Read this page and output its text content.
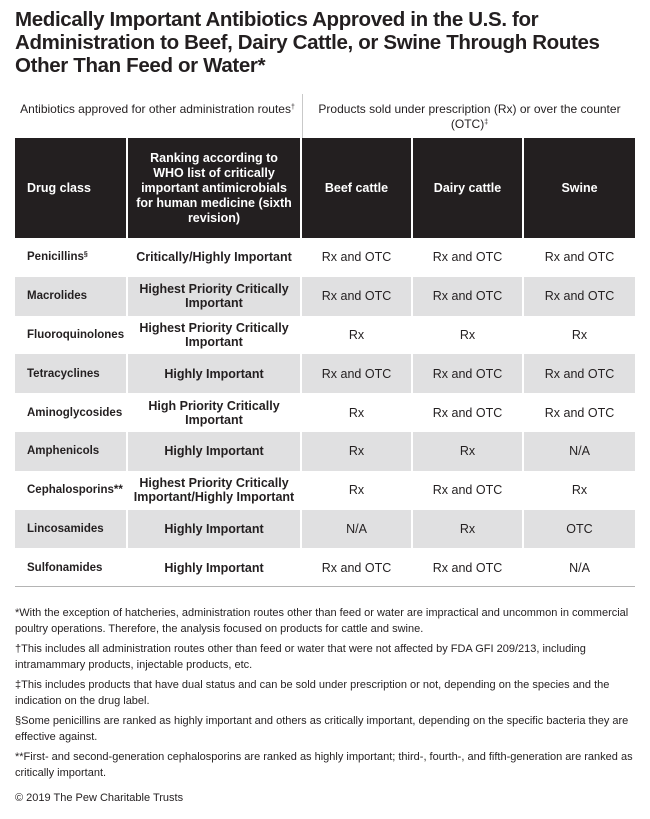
Medically Important Antibiotics Approved in the U.S. for Administration to Beef, Dairy Cattle, or Swine Through Routes Other Than Feed or Water*
Antibiotics approved for other administration routes†	Products sold under prescription (Rx) or over the counter (OTC)‡
Drug class	Ranking according to WHO list of critically important antimicrobials for human medicine (sixth revision)	Beef cattle	Dairy cattle	Swine
Penicillins§	Critically/Highly Important	Rx and OTC	Rx and OTC	Rx and OTC
Macrolides	Highest Priority Critically Important	Rx and OTC	Rx and OTC	Rx and OTC
Fluoroquinolones	Highest Priority Critically Important	Rx	Rx	Rx
Tetracyclines	Highly Important	Rx and OTC	Rx and OTC	Rx and OTC
Aminoglycosides	High Priority Critically Important	Rx	Rx and OTC	Rx and OTC
Amphenicols	Highly Important	Rx	Rx	N/A
Cephalosporins**	Highest Priority Critically Important/Highly Important	Rx	Rx and OTC	Rx
Lincosamides	Highly Important	N/A	Rx	OTC
Sulfonamides	Highly Important	Rx and OTC	Rx and OTC	N/A

*With the exception of hatcheries, administration routes other than feed or water are impractical and uncommon in commercial poultry operations. Therefore, the analysis focused on products for cattle and swine.

†This includes all administration routes other than feed or water that were not affected by FDA GFI 209/213, including intramammary products, injectable products, etc.

‡This includes products that have dual status and can be sold under prescription or not, depending on the species and the indication on the drug label.

§Some penicillins are ranked as highly important and others as critically important, depending on the specific bacteria they are effective against.

**First- and second-generation cephalosporins are ranked as highly important; third-, fourth-, and fifth-generation are ranked as critically important.

© 2019 The Pew Charitable Trusts
